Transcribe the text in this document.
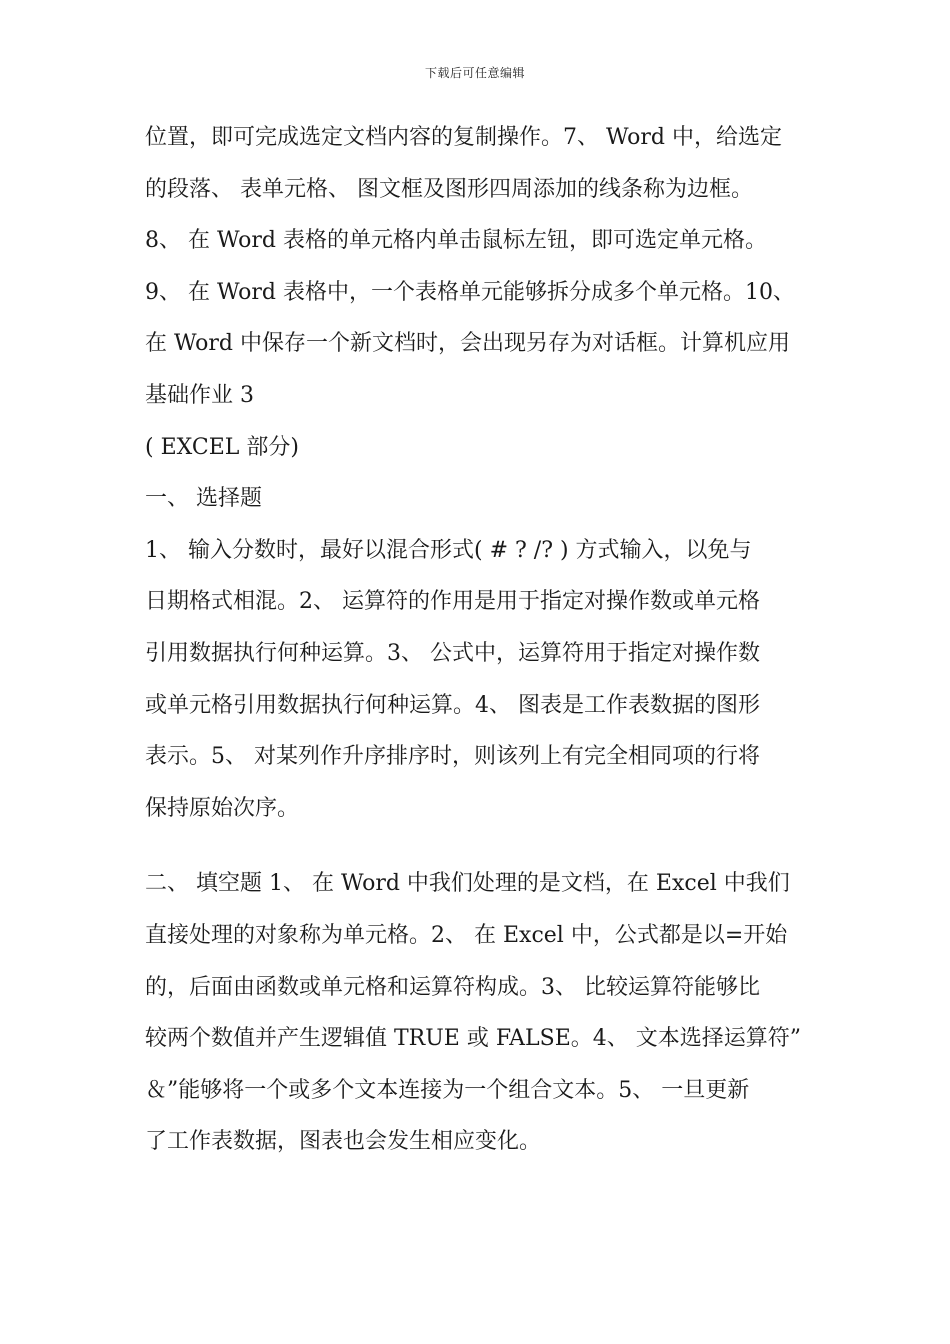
下载后可任意编辑
位置，即可完成选定文档内容的复制操作。7、 Word 中，给选定
的段落、 表单元格、 图文框及图形四周添加的线条称为边框。
8、 在 Word 表格的单元格内单击鼠标左钮，即可选定单元格。
9、 在 Word 表格中，一个表格单元能够拆分成多个单元格。10、
在 Word 中保存一个新文档时，会出现另存为对话框。计算机应用
基础作业 3
( EXCEL 部分)
一、 选择题
1、 输入分数时，最好以混合形式( # ? /? ) 方式输入，以免与
日期格式相混。2、 运算符的作用是用于指定对操作数或单元格
引用数据执行何种运算。3、 公式中，运算符用于指定对操作数
或单元格引用数据执行何种运算。4、 图表是工作表数据的图形
表示。5、 对某列作升序排序时，则该列上有完全相同项的行将
保持原始次序。
二、 填空题 1、 在 Word 中我们处理的是文档，在 Excel 中我们
直接处理的对象称为单元格。2、 在 Excel 中，公式都是以=开始
的，后面由函数或单元格和运算符构成。3、 比较运算符能够比
较两个数值并产生逻辑值 TRUE 或 FALSE。4、 文本选择运算符”
＆”能够将一个或多个文本连接为一个组合文本。5、 一旦更新
了工作表数据，图表也会发生相应变化。
